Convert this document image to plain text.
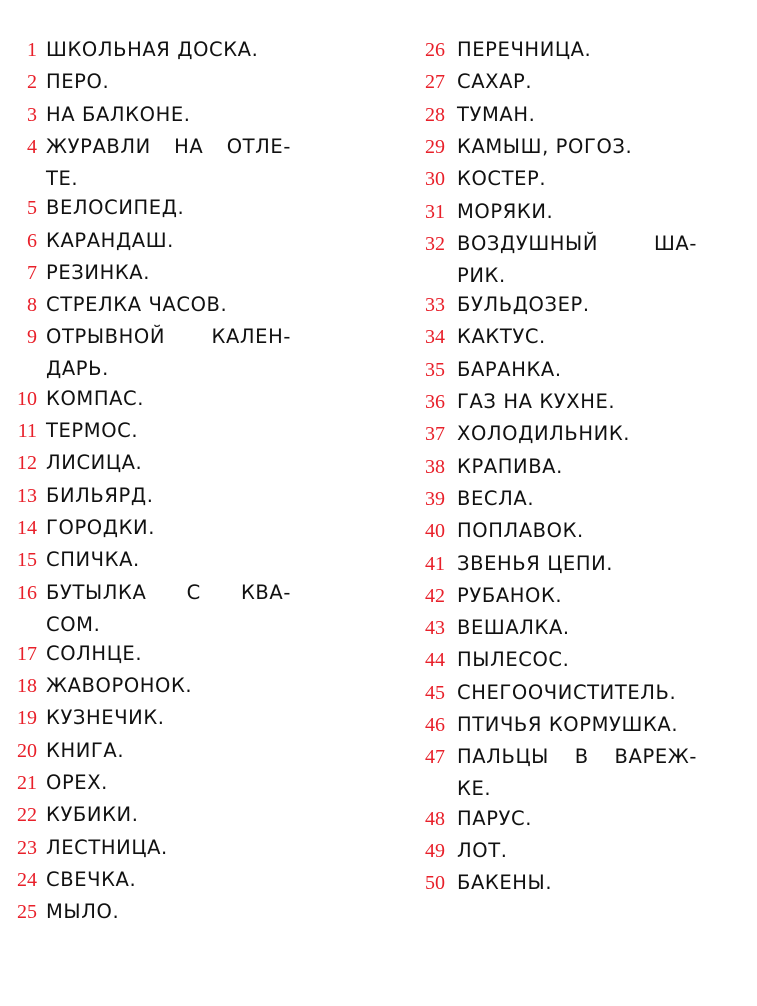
1 ШКОЛЬНАЯ ДОСКА.
2 ПЕРО.
3 НА БАЛКОНЕ.
4 ЖУРАВЛИ НА ОТЛЕ-
ТЕ.
5 ВЕЛОСИПЕД.
6 КАРАНДАШ.
7 РЕЗИНКА.
8 СТРЕЛКА ЧАСОВ.
9 ОТРЫВНОЙ КАЛЕН-
ДАРЬ.
10 КОМПАС.
11 ТЕРМОС.
12 ЛИСИЦА.
13 БИЛЬЯРД.
14 ГОРОДКИ.
15 СПИЧКА.
16 БУТЫЛКА С КВА-
СОМ.
17 СОЛНЦЕ.
18 ЖАВОРОНОК.
19 КУЗНЕЧИК.
20 КНИГА.
21 ОРЕХ.
22 КУБИКИ.
23 ЛЕСТНИЦА.
24 СВЕЧКА.
25 МЫЛО.
26 ПЕРЕЧНИЦА.
27 САХАР.
28 ТУМАН.
29 КАМЫШ, РОГОЗ.
30 КОСТЕР.
31 МОРЯКИ.
32 ВОЗДУШНЫЙ ША-
РИК.
33 БУЛЬДОЗЕР.
34 КАКТУС.
35 БАРАНКА.
36 ГАЗ НА КУХНЕ.
37 ХОЛОДИЛЬНИК.
38 КРАПИВА.
39 ВЕСЛА.
40 ПОПЛАВОК.
41 ЗВЕНЬЯ ЦЕПИ.
42 РУБАНОК.
43 ВЕШАЛКА.
44 ПЫЛЕСОС.
45 СНЕГООЧИСТИТЕЛЬ.
46 ПТИЧЬЯ КОРМУШКА.
47 ПАЛЬЦЫ В ВАРЕЖ-
КЕ.
48 ПАРУС.
49 ЛОТ.
50 БАКЕНЫ.
